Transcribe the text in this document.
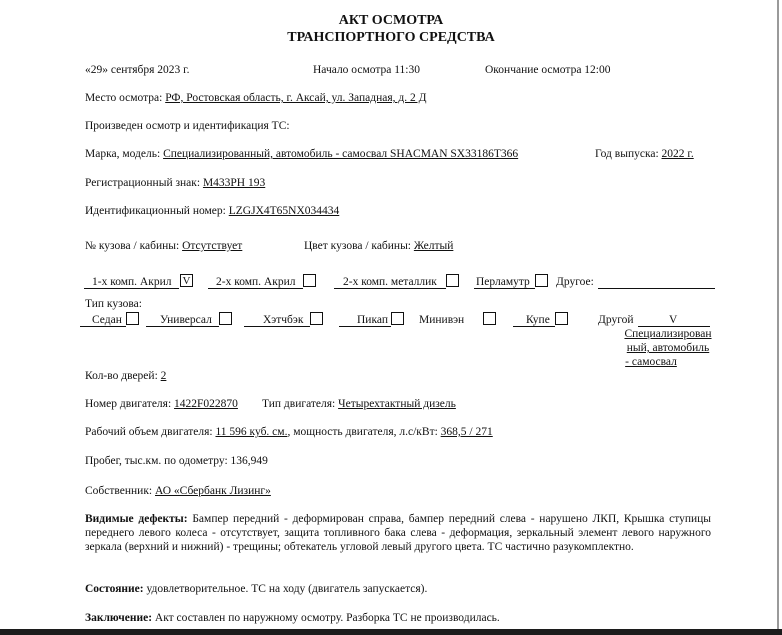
АКТ ОСМОТРА
ТРАНСПОРТНОГО СРЕДСТВА
«29» сентября 2023 г.	Начало осмотра 11:30	Окончание осмотра 12:00
Место осмотра: РФ, Ростовская область, г. Аксай, ул. Западная, д. 2 Д
Произведен осмотр и идентификация ТС:
Марка, модель: Специализированный, автомобиль - самосвал SHACMAN SX33186T366	Год выпуска: 2022 г.
Регистрационный знак: М433РН 193
Идентификационный номер: LZGJX4T65NX034434
№ кузова / кабины: Отсутствует	Цвет кузова / кабины: Желтый
1-х комп. Акрил V 2-х комп. Акрил	2-х комп. металлик	Перламутр Другое:
Тип кузова:
Седан	Универсал	Хэтчбэк	Пикап	Минивэн	Купе	Другой	V
Специализирован
ный, автомобиль
- самосвал
Кол-во дверей: 2
Номер двигателя: 1422F022870 Тип двигателя: Четырехтактный дизель
Рабочий объем двигателя: 11 596 куб. см., мощность двигателя, л.с/кВт: 368,5 / 271
Пробег, тыс.км. по одометру: 136,949
Собственник: АО «Сбербанк Лизинг»
Видимые дефекты: Бампер передний - деформирован справа, бампер передний слева - нарушено ЛКП, Крышка ступицы переднего левого колеса - отсутствует, защита топливного бака слева - деформация, зеркальный элемент левого наружного зеркала (верхний и нижний) - трещины; обтекатель угловой левый другого цвета. ТС частично разукомплектно.
Состояние: удовлетворительное. ТС на ходу (двигатель запускается).
Заключение: Акт составлен по наружному осмотру. Разборка ТС не производилась.
